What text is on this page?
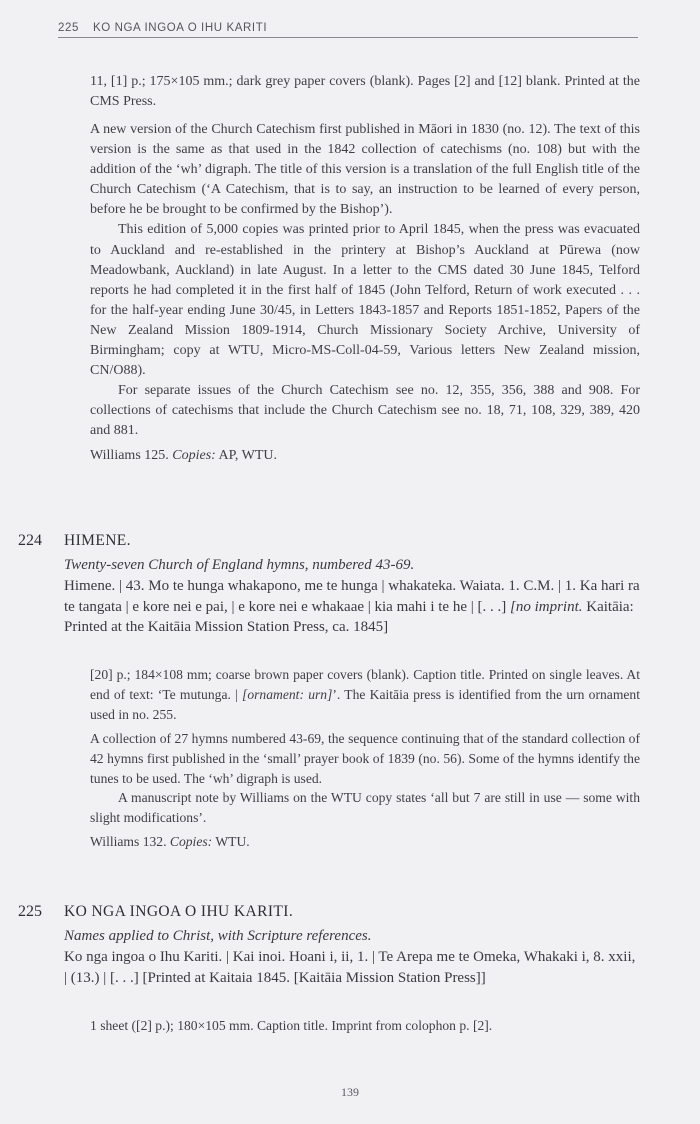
225 KO NGA INGOA O IHU KARITI

11, [1] p.; 175×105 mm.; dark grey paper covers (blank). Pages [2] and [12] blank. Printed at the CMS Press.

A new version of the Church Catechism first published in Māori in 1830 (no. 12). The text of this version is the same as that used in the 1842 collection of catechisms (no. 108) but with the addition of the ‘wh’ digraph. The title of this version is a translation of the full English title of the Church Catechism (‘A Catechism, that is to say, an instruction to be learned of every person, before he be brought to be confirmed by the Bishop’).

This edition of 5,000 copies was printed prior to April 1845, when the press was evacuated to Auckland and re-established in the printery at Bishop’s Auckland at Pūrewa (now Meadowbank, Auckland) in late August. In a letter to the CMS dated 30 June 1845, Telford reports he had completed it in the first half of 1845 (John Telford, Return of work executed . . . for the half-year ending June 30/45, in Letters 1843-1857 and Reports 1851-1852, Papers of the New Zealand Mission 1809-1914, Church Missionary Society Archive, University of Birmingham; copy at WTU, Micro-MS-Coll-04-59, Various letters New Zealand mission, CN/O88).

For separate issues of the Church Catechism see no. 12, 355, 356, 388 and 908. For collections of catechisms that include the Church Catechism see no. 18, 71, 108, 329, 389, 420 and 881.

Williams 125. Copies: AP, WTU.

224 HIMENE.
Twenty-seven Church of England hymns, numbered 43-69.
Himene. | 43. Mo te hunga whakapono, me te hunga | whakateka. Waiata. 1. C.M. | 1. Ka hari ra te tangata | e kore nei e pai, | e kore nei e whakaae | kia mahi i te he | [. . .] [no imprint. Kaitāia: Printed at the Kaitāia Mission Station Press, ca. 1845]

[20] p.; 184×108 mm; coarse brown paper covers (blank). Caption title. Printed on single leaves. At end of text: ‘Te mutunga. | [ornament: urn]’. The Kaitāia press is identified from the urn ornament used in no. 255.

A collection of 27 hymns numbered 43-69, the sequence continuing that of the standard collection of 42 hymns first published in the ‘small’ prayer book of 1839 (no. 56). Some of the hymns identify the tunes to be used. The ‘wh’ digraph is used.

A manuscript note by Williams on the WTU copy states ‘all but 7 are still in use — some with slight modifications’.

Williams 132. Copies: WTU.

225 KO NGA INGOA O IHU KARITI.
Names applied to Christ, with Scripture references.
Ko nga ingoa o Ihu Kariti. | Kai inoi. Hoani i, ii, 1. | Te Arepa me te Omeka, Whakaki i, 8. xxii, | (13.) | [. . .] [Printed at Kaitaia 1845. [Kaitāia Mission Station Press]]

1 sheet ([2] p.); 180×105 mm. Caption title. Imprint from colophon p. [2].

139
